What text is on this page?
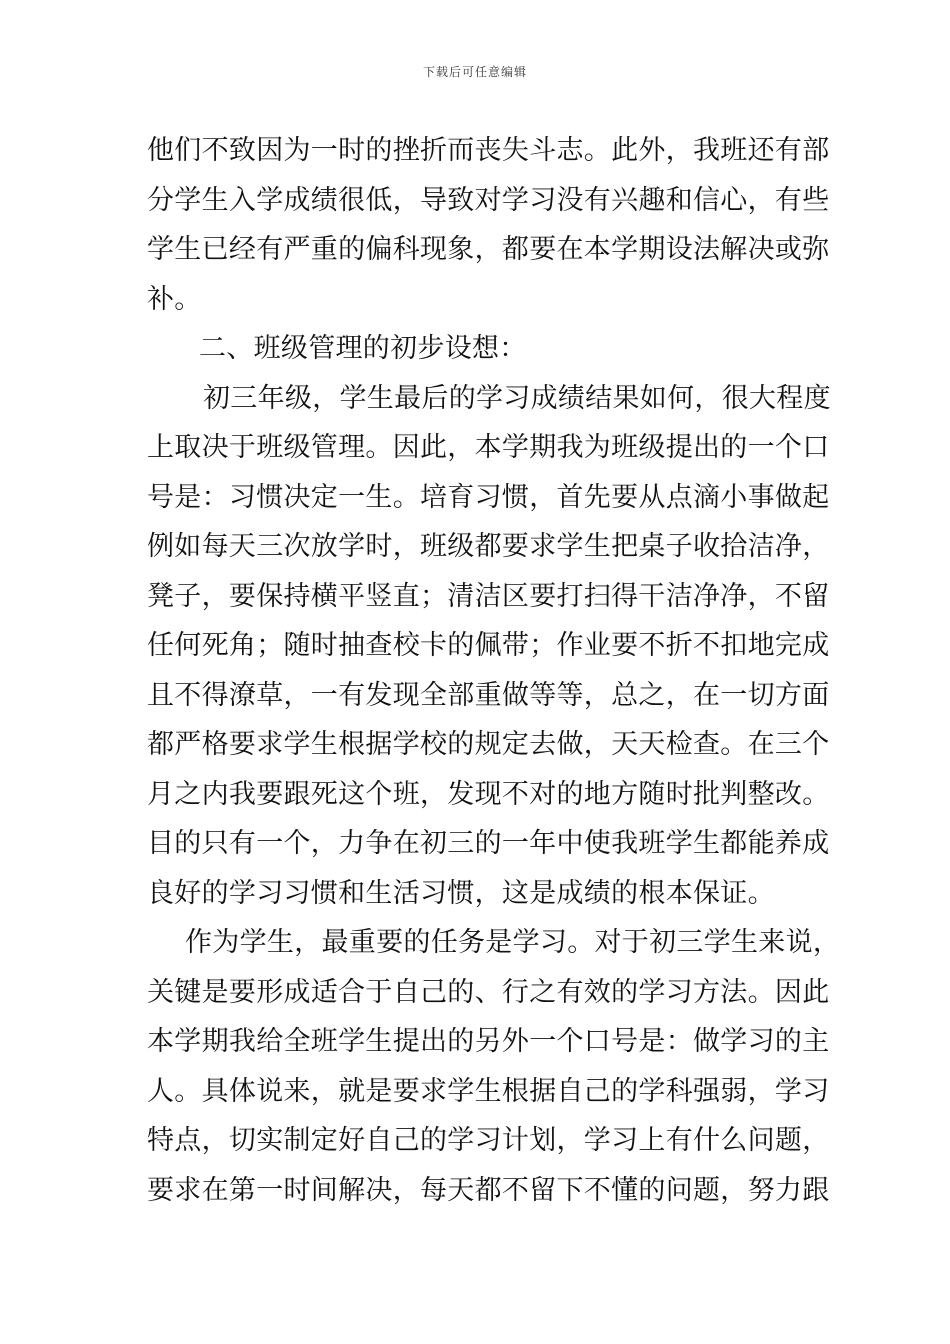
下载后可任意编辑
他们不致因为一时的挫折而丧失斗志。此外，我班还有部
分学生入学成绩很低，导致对学习没有兴趣和信心，有些
学生已经有严重的偏科现象，都要在本学期设法解决或弥
补。
二、班级管理的初步设想：
初三年级，学生最后的学习成绩结果如何，很大程度
上取决于班级管理。因此，本学期我为班级提出的一个口
号是：习惯决定一生。培育习惯，首先要从点滴小事做起
例如每天三次放学时，班级都要求学生把桌子收拾洁净，
凳子，要保持横平竖直；清洁区要打扫得干洁净净，不留
任何死角；随时抽查校卡的佩带；作业要不折不扣地完成
且不得潦草，一有发现全部重做等等，总之，在一切方面
都严格要求学生根据学校的规定去做，天天检查。在三个
月之内我要跟死这个班，发现不对的地方随时批判整改。
目的只有一个，力争在初三的一年中使我班学生都能养成
良好的学习习惯和生活习惯，这是成绩的根本保证。
作为学生，最重要的任务是学习。对于初三学生来说，
关键是要形成适合于自己的、行之有效的学习方法。因此
本学期我给全班学生提出的另外一个口号是：做学习的主
人。具体说来，就是要求学生根据自己的学科强弱，学习
特点，切实制定好自己的学习计划，学习上有什么问题，
要求在第一时间解决，每天都不留下不懂的问题，努力跟
